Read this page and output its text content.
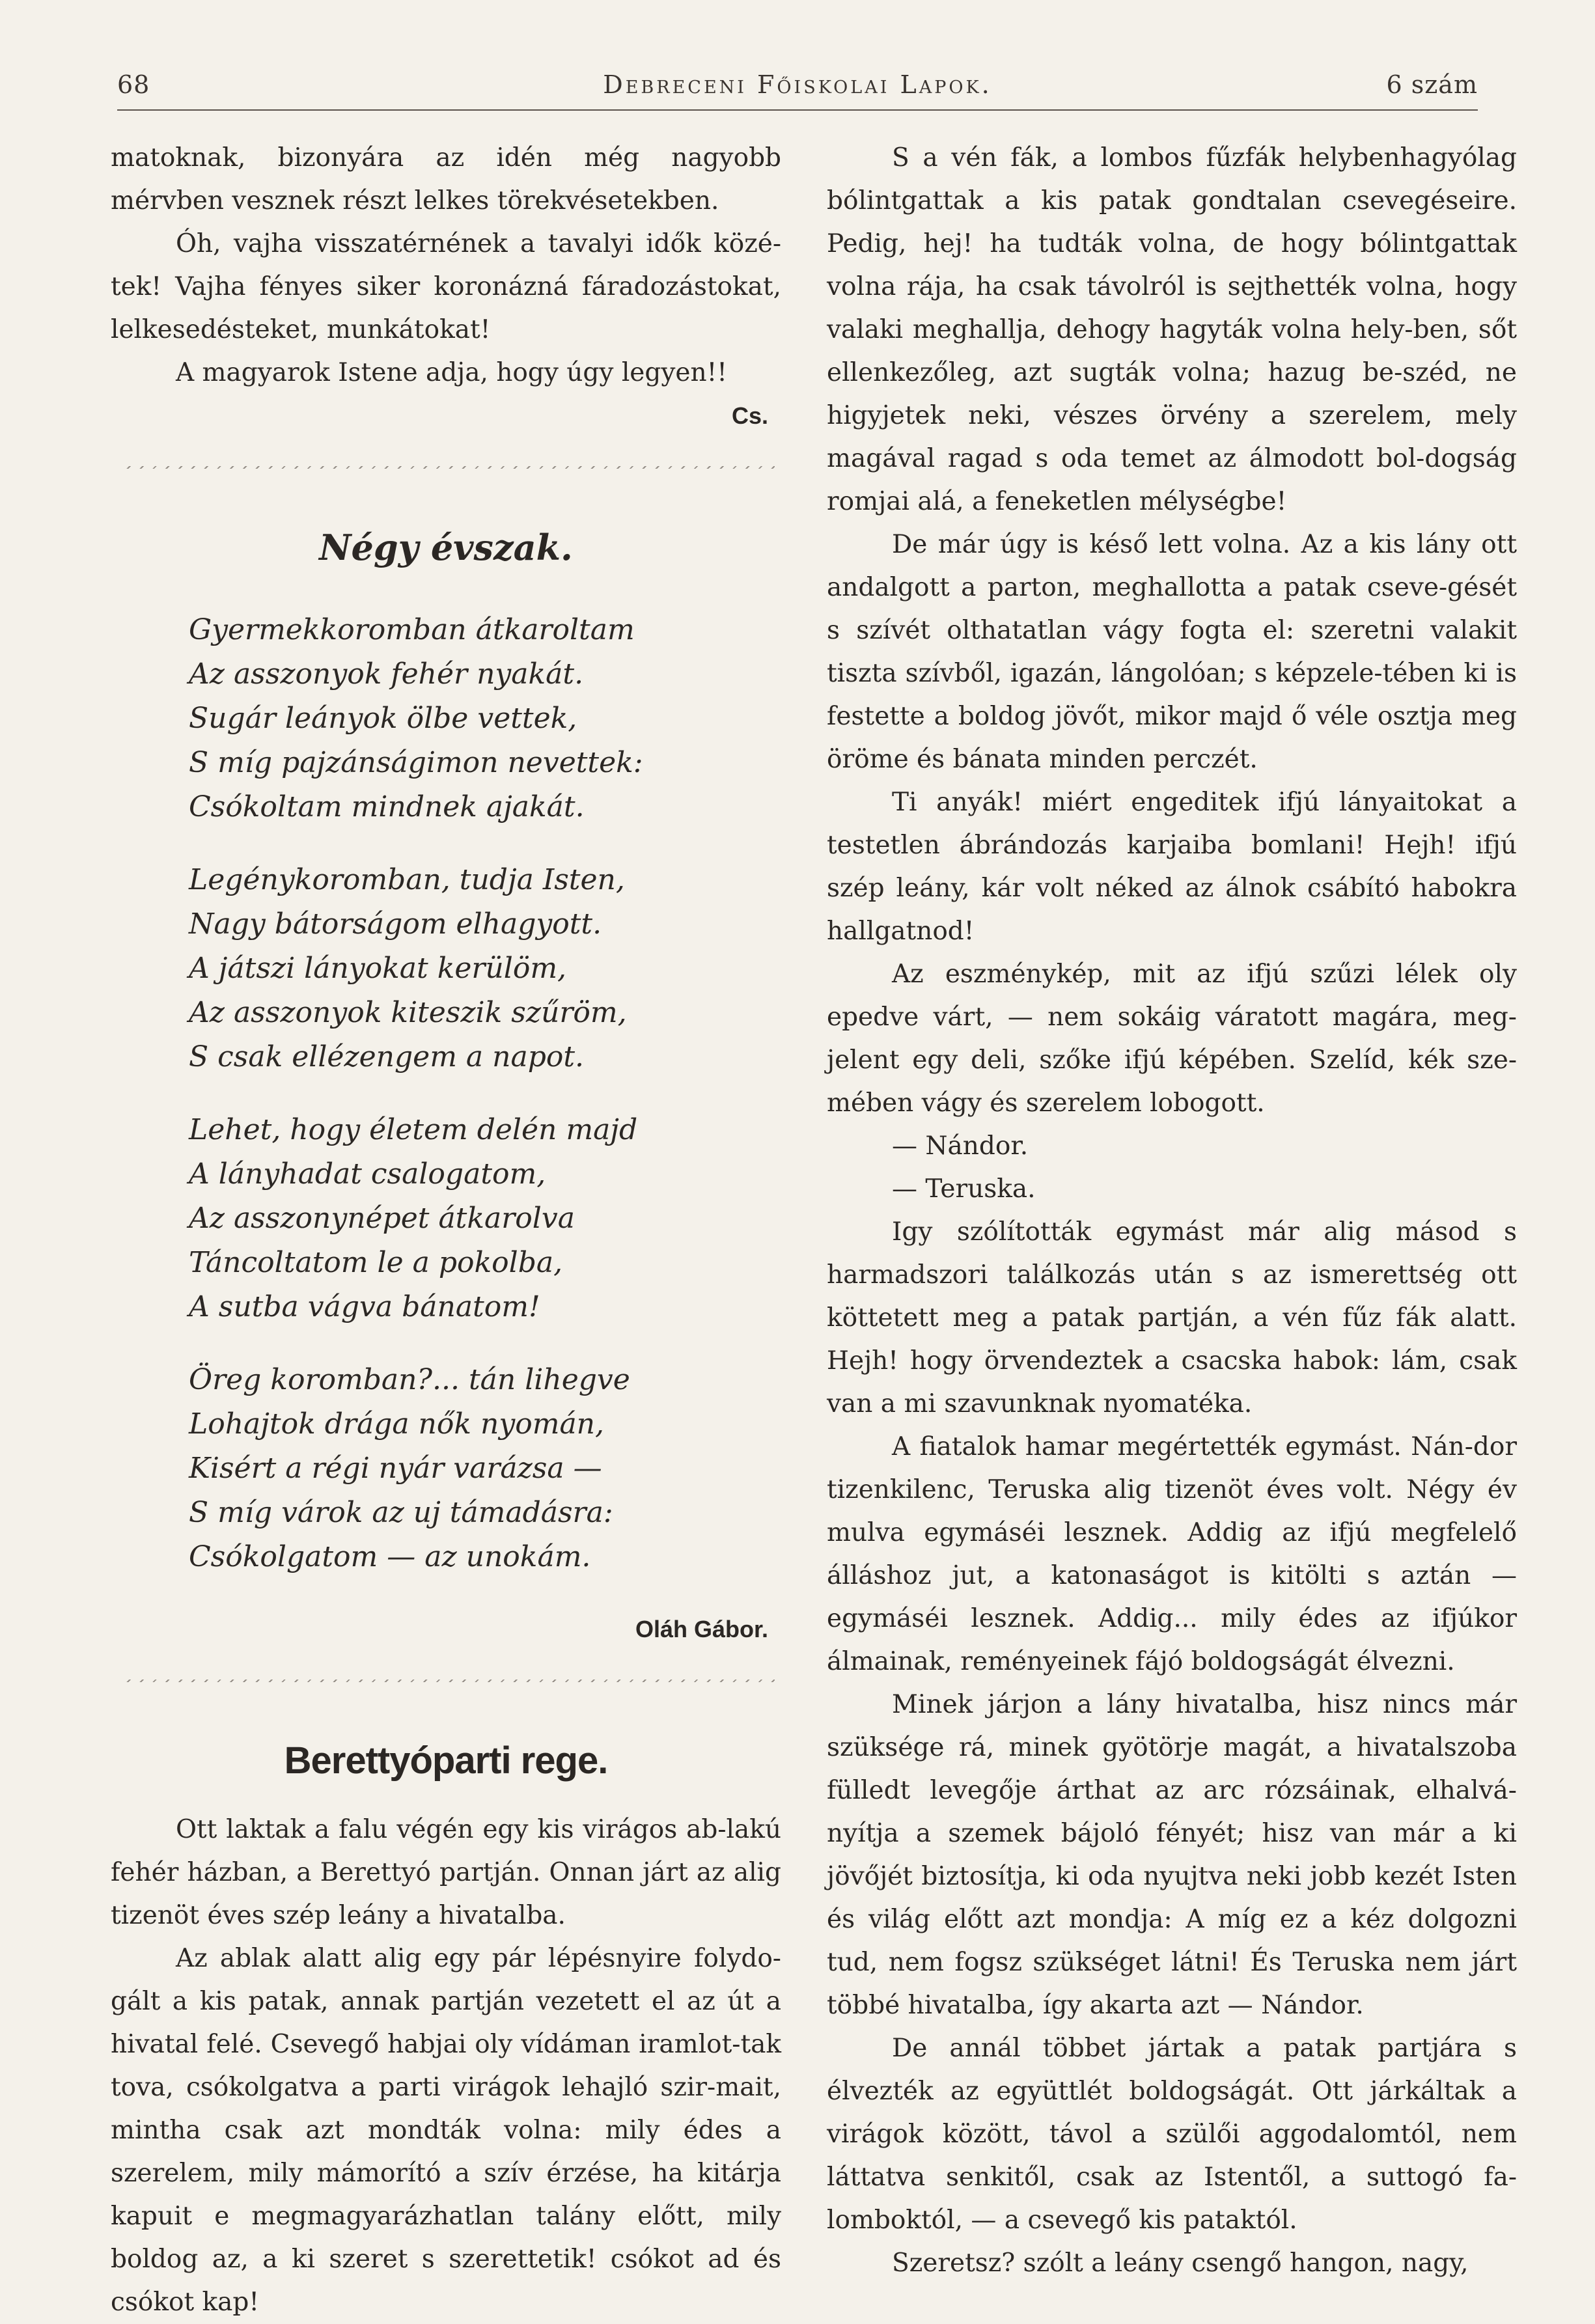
68	Debreceni Főiskolai Lapok.	6 szám

matoknak, bizonyára az idén még nagyobb mérvben vesznek részt lelkes törekvésetekben.

Óh, vajha visszatérnének a tavalyi idők közé-tek! Vajha fényes siker koronázná fáradozástokat, lelkesedésteket, munkátokat!

A magyarok Istene adja, hogy úgy legyen!!

Cs.

Négy évszak.
Gyermekkoromban átkaroltam
Az asszonyok fehér nyakát.
Sugár leányok ölbe vettek,
S míg pajzánságimon nevettek:
Csókoltam mindnek ajakát.
Legénykoromban, tudja Isten,
Nagy bátorságom elhagyott.
A játszi lányokat kerülöm,
Az asszonyok kiteszik szűröm,
S csak ellézengem a napot.
Lehet, hogy életem delén majd
A lányhadat csalogatom,
Az asszonynépet átkarolva
Táncoltatom le a pokolba,
A sutba vágva bánatom!
Öreg koromban?... tán lihegve
Lohajtok drága nők nyomán,
Kisért a régi nyár varázsa —
S míg várok az uj támadásra:
Csókolgatom — az unokám.

Oláh Gábor.

Berettyóparti rege.

Ott laktak a falu végén egy kis virágos ab-lakú fehér házban, a Berettyó partján. Onnan járt az alig tizenöt éves szép leány a hivatalba.

Az ablak alatt alig egy pár lépésnyire folydo-gált a kis patak, annak partján vezetett el az út a hivatal felé. Csevegő habjai oly vídáman iramlot-tak tova, csókolgatva a parti virágok lehajló szir-mait, mintha csak azt mondták volna: mily édes a szerelem, mily mámorító a szív érzése, ha kitárja kapuit e megmagyarázhatlan talány előtt, mily boldog az, a ki szeret s szerettetik! csókot ad és csókot kap!

S a vén fák, a lombos fűzfák helybenhagyólag bólintgattak a kis patak gondtalan csevegéseire. Pedig, hej! ha tudták volna, de hogy bólintgattak volna rája, ha csak távolról is sejthették volna, hogy valaki meghallja, dehogy hagyták volna hely-ben, sőt ellenkezőleg, azt sugták volna; hazug be-széd, ne higyjetek neki, vészes örvény a szerelem, mely magával ragad s oda temet az álmodott bol-dogság romjai alá, a feneketlen mélységbe!

De már úgy is késő lett volna. Az a kis lány ott andalgott a parton, meghallotta a patak cseve-gését s szívét olthatatlan vágy fogta el: szeretni valakit tiszta szívből, igazán, lángolóan; s képzele-tében ki is festette a boldog jövőt, mikor majd ő véle osztja meg öröme és bánata minden perczét.

Ti anyák! miért engeditek ifjú lányaitokat a testetlen ábrándozás karjaiba bomlani! Hejh! ifjú szép leány, kár volt néked az álnok csábító habokra hallgatnod!

Az eszménykép, mit az ifjú szűzi lélek oly epedve várt, — nem sokáig váratott magára, meg-jelent egy deli, szőke ifjú képében. Szelíd, kék sze-mében vágy és szerelem lobogott.

— Nándor.

— Teruska.

Igy szólították egymást már alig másod s harmadszori találkozás után s az ismerettség ott köttetett meg a patak partján, a vén fűz fák alatt. Hejh! hogy örvendeztek a csacska habok: lám, csak van a mi szavunknak nyomatéka.

A fiatalok hamar megértették egymást. Nán-dor tizenkilenc, Teruska alig tizenöt éves volt. Négy év mulva egymáséi lesznek. Addig az ifjú megfelelő álláshoz jut, a katonaságot is kitölti s aztán — egymáséi lesznek. Addig... mily édes az ifjúkor álmainak, reményeinek fájó boldogságát élvezni.

Minek járjon a lány hivatalba, hisz nincs már szüksége rá, minek gyötörje magát, a hivatalszoba fülledt levegője árthat az arc rózsáinak, elhalvá-nyítja a szemek bájoló fényét; hisz van már a ki jövőjét biztosítja, ki oda nyujtva neki jobb kezét Isten és világ előtt azt mondja: A míg ez a kéz dolgozni tud, nem fogsz szükséget látni! És Teruska nem járt többé hivatalba, így akarta azt — Nándor.

De annál többet jártak a patak partjára s élvezték az együttlét boldogságát. Ott járkáltak a virágok között, távol a szülői aggodalomtól, nem láttatva senkitől, csak az Istentől, a suttogó fa-lomboktól, — a csevegő kis pataktól.

Szeretsz? szólt a leány csengő hangon, nagy,
